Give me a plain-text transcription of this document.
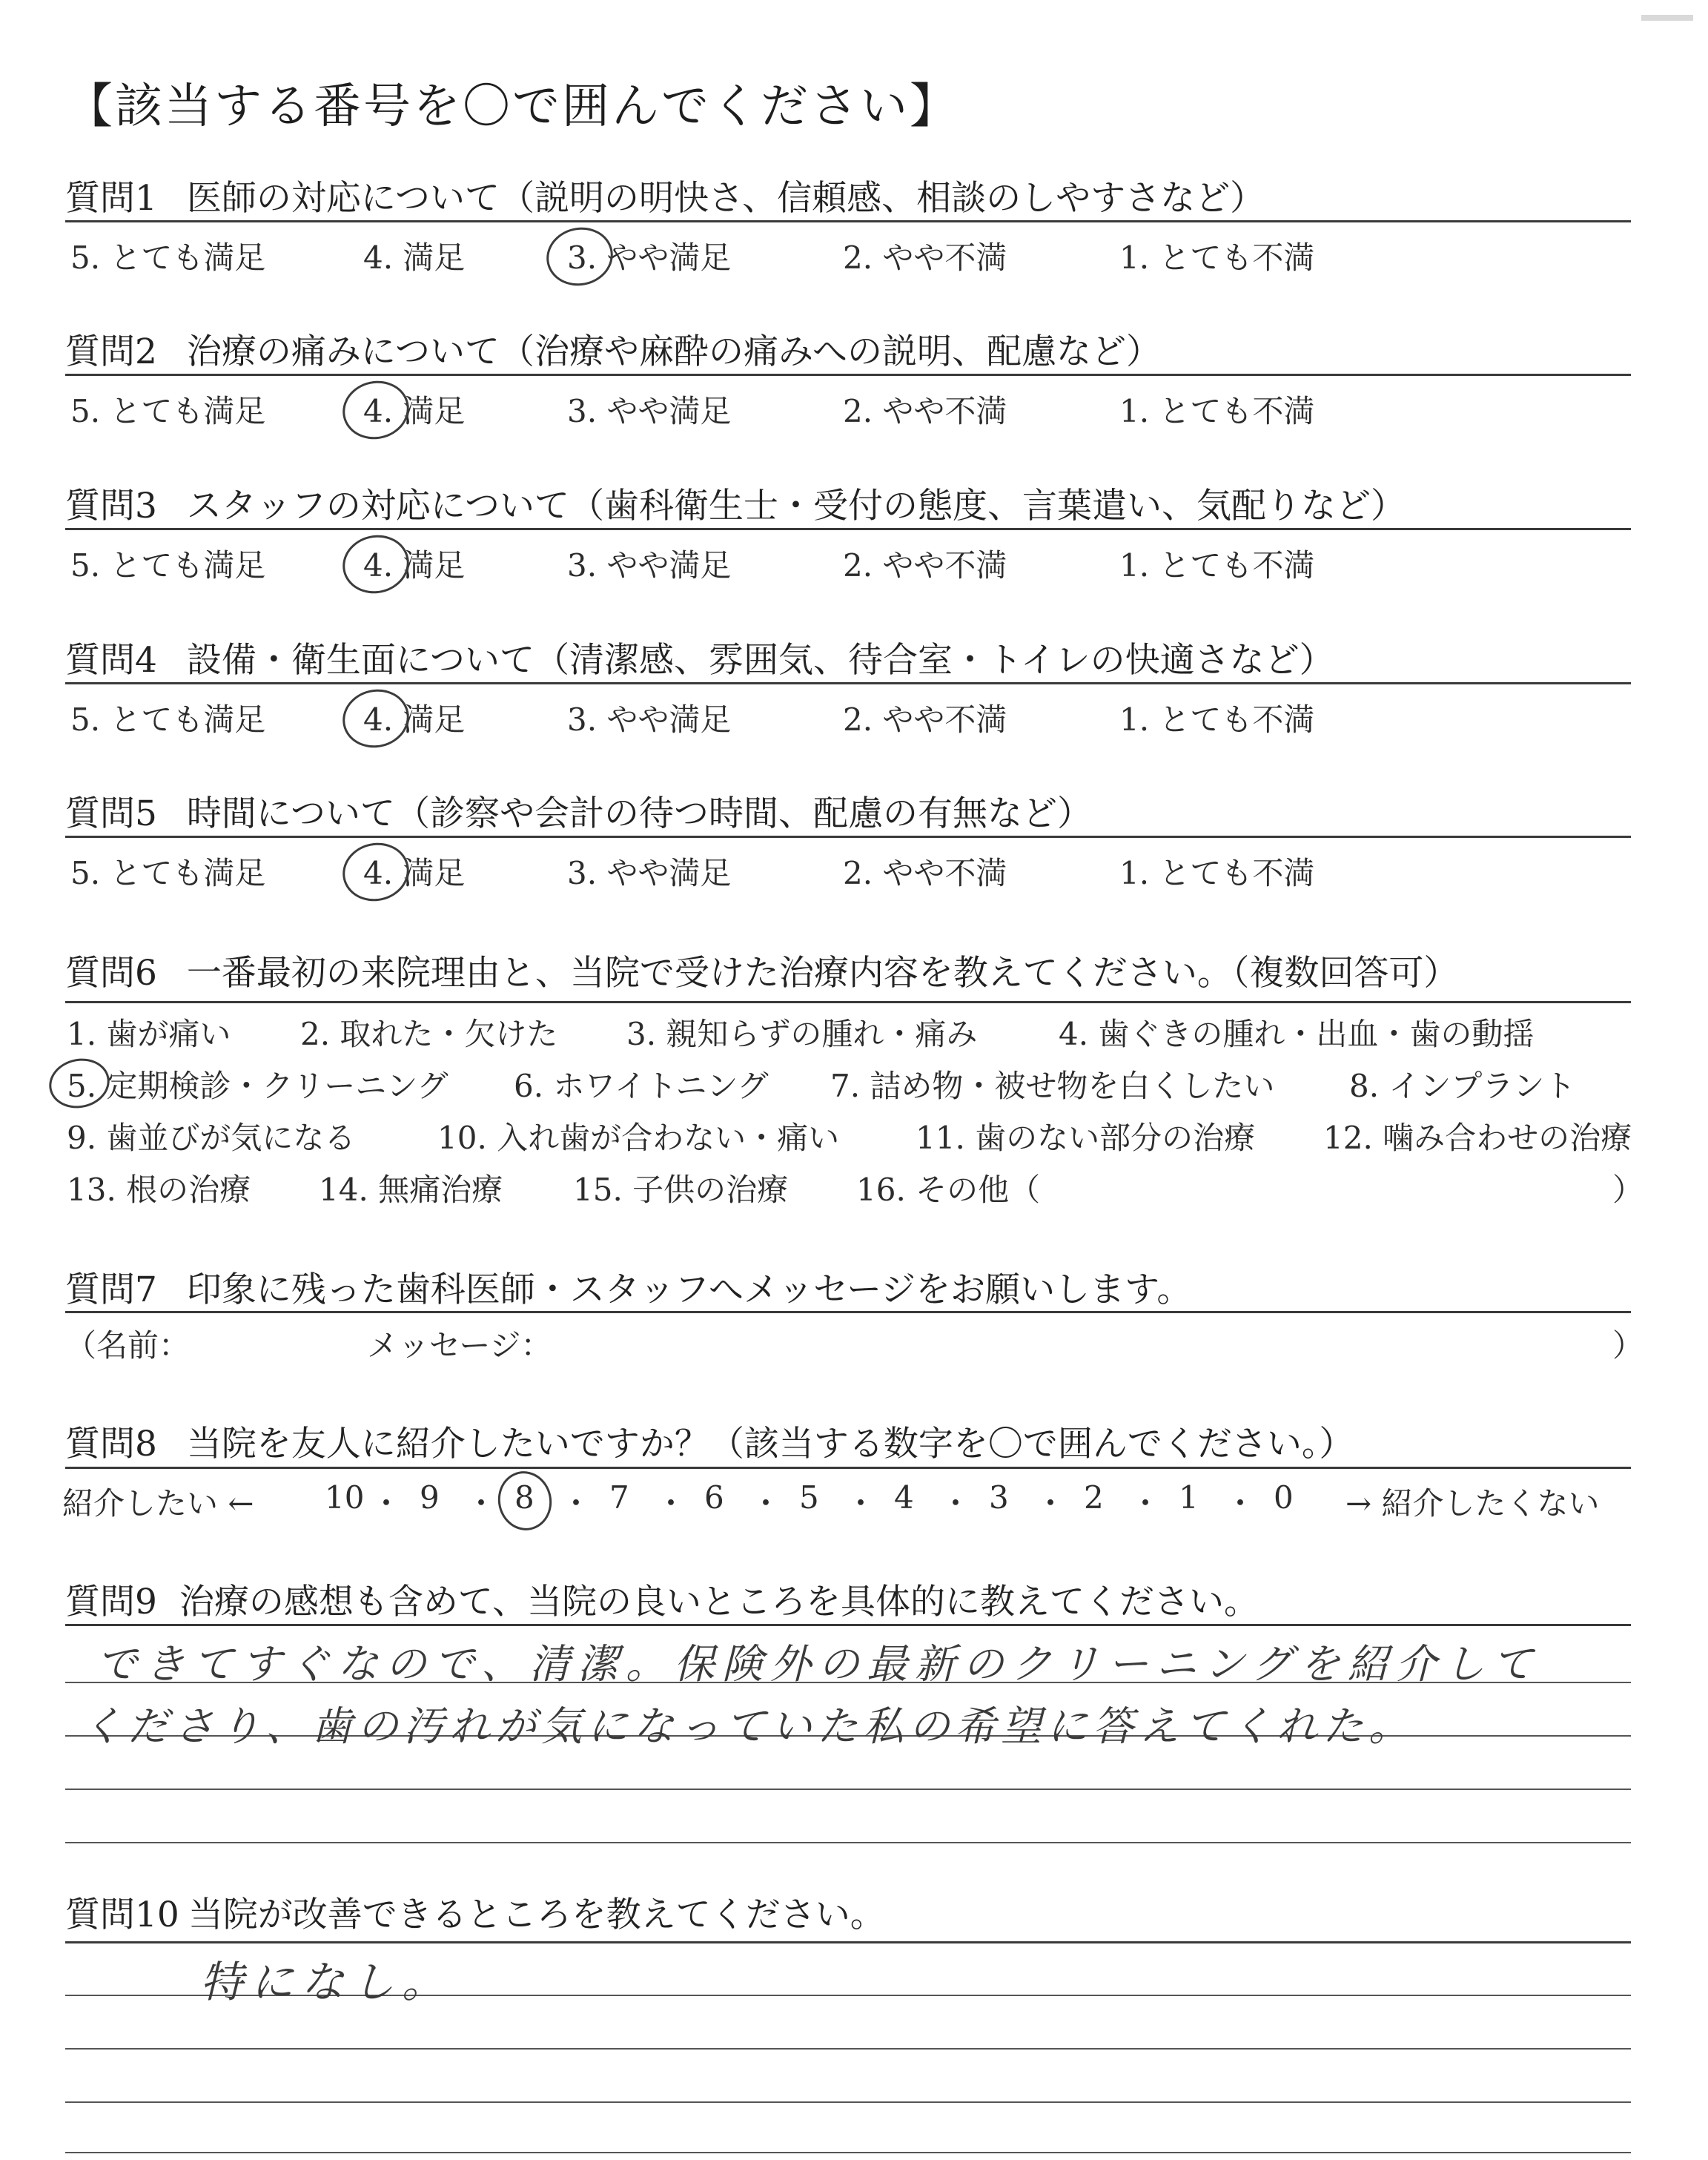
【該当する番号を〇で囲んでください】
質問1 医師の対応について（説明の明快さ、信頼感、相談のしやすさなど）
5. とても満足	4. 満足	3. やや満足	2. やや不満	1. とても不満
質問2 治療の痛みについて（治療や麻酔の痛みへの説明、配慮など）
5. とても満足	4. 満足	3. やや満足	2. やや不満	1. とても不満
質問3 スタッフの対応について（歯科衛生士・受付の態度、言葉遣い、気配りなど）
5. とても満足	4. 満足	3. やや満足	2. やや不満	1. とても不満
質問4 設備・衛生面について（清潔感、雰囲気、待合室・トイレの快適さなど）
5. とても満足	4. 満足	3. やや満足	2. やや不満	1. とても不満
質問5 時間について（診察や会計の待つ時間、配慮の有無など）
5. とても満足	4. 満足	3. やや満足	2. やや不満	1. とても不満
質問6 一番最初の来院理由と、当院で受けた治療内容を教えてください。（複数回答可）
1. 歯が痛い 2. 取れた・欠けた 3. 親知らずの腫れ・痛み	4. 歯ぐきの腫れ・出血・歯の動揺
5. 定期検診・クリーニング 6. ホワイトニング 7. 詰め物・被せ物を白くしたい 8. インプラント
9. 歯並びが気になる	10. 入れ歯が合わない・痛い 11. 歯のない部分の治療 12. 噛み合わせの治療
13. 根の治療 14. 無痛治療 15. 子供の治療 16. その他（	）
質問7 印象に残った歯科医師・スタッフへメッセージをお願いします。
（名前：	メッセージ：	）
質問8 当院を友人に紹介したいですか？（該当する数字を〇で囲んでください。）
紹介したい ← 10 ・ 9 ・ 8 ・ 7 ・ 6 ・ 5 ・ 4 ・ 3 ・ 2 ・ 1 ・ 0 → 紹介したくない
質問9 治療の感想も含めて、当院の良いところを具体的に教えてください。
できてすぐなので、清潔。保険外の最新のクリーニングを紹介して
くださり、歯の汚れが気になっていた私の希望に答えてくれた。
質問10 当院が改善できるところを教えてください。
特になし。
